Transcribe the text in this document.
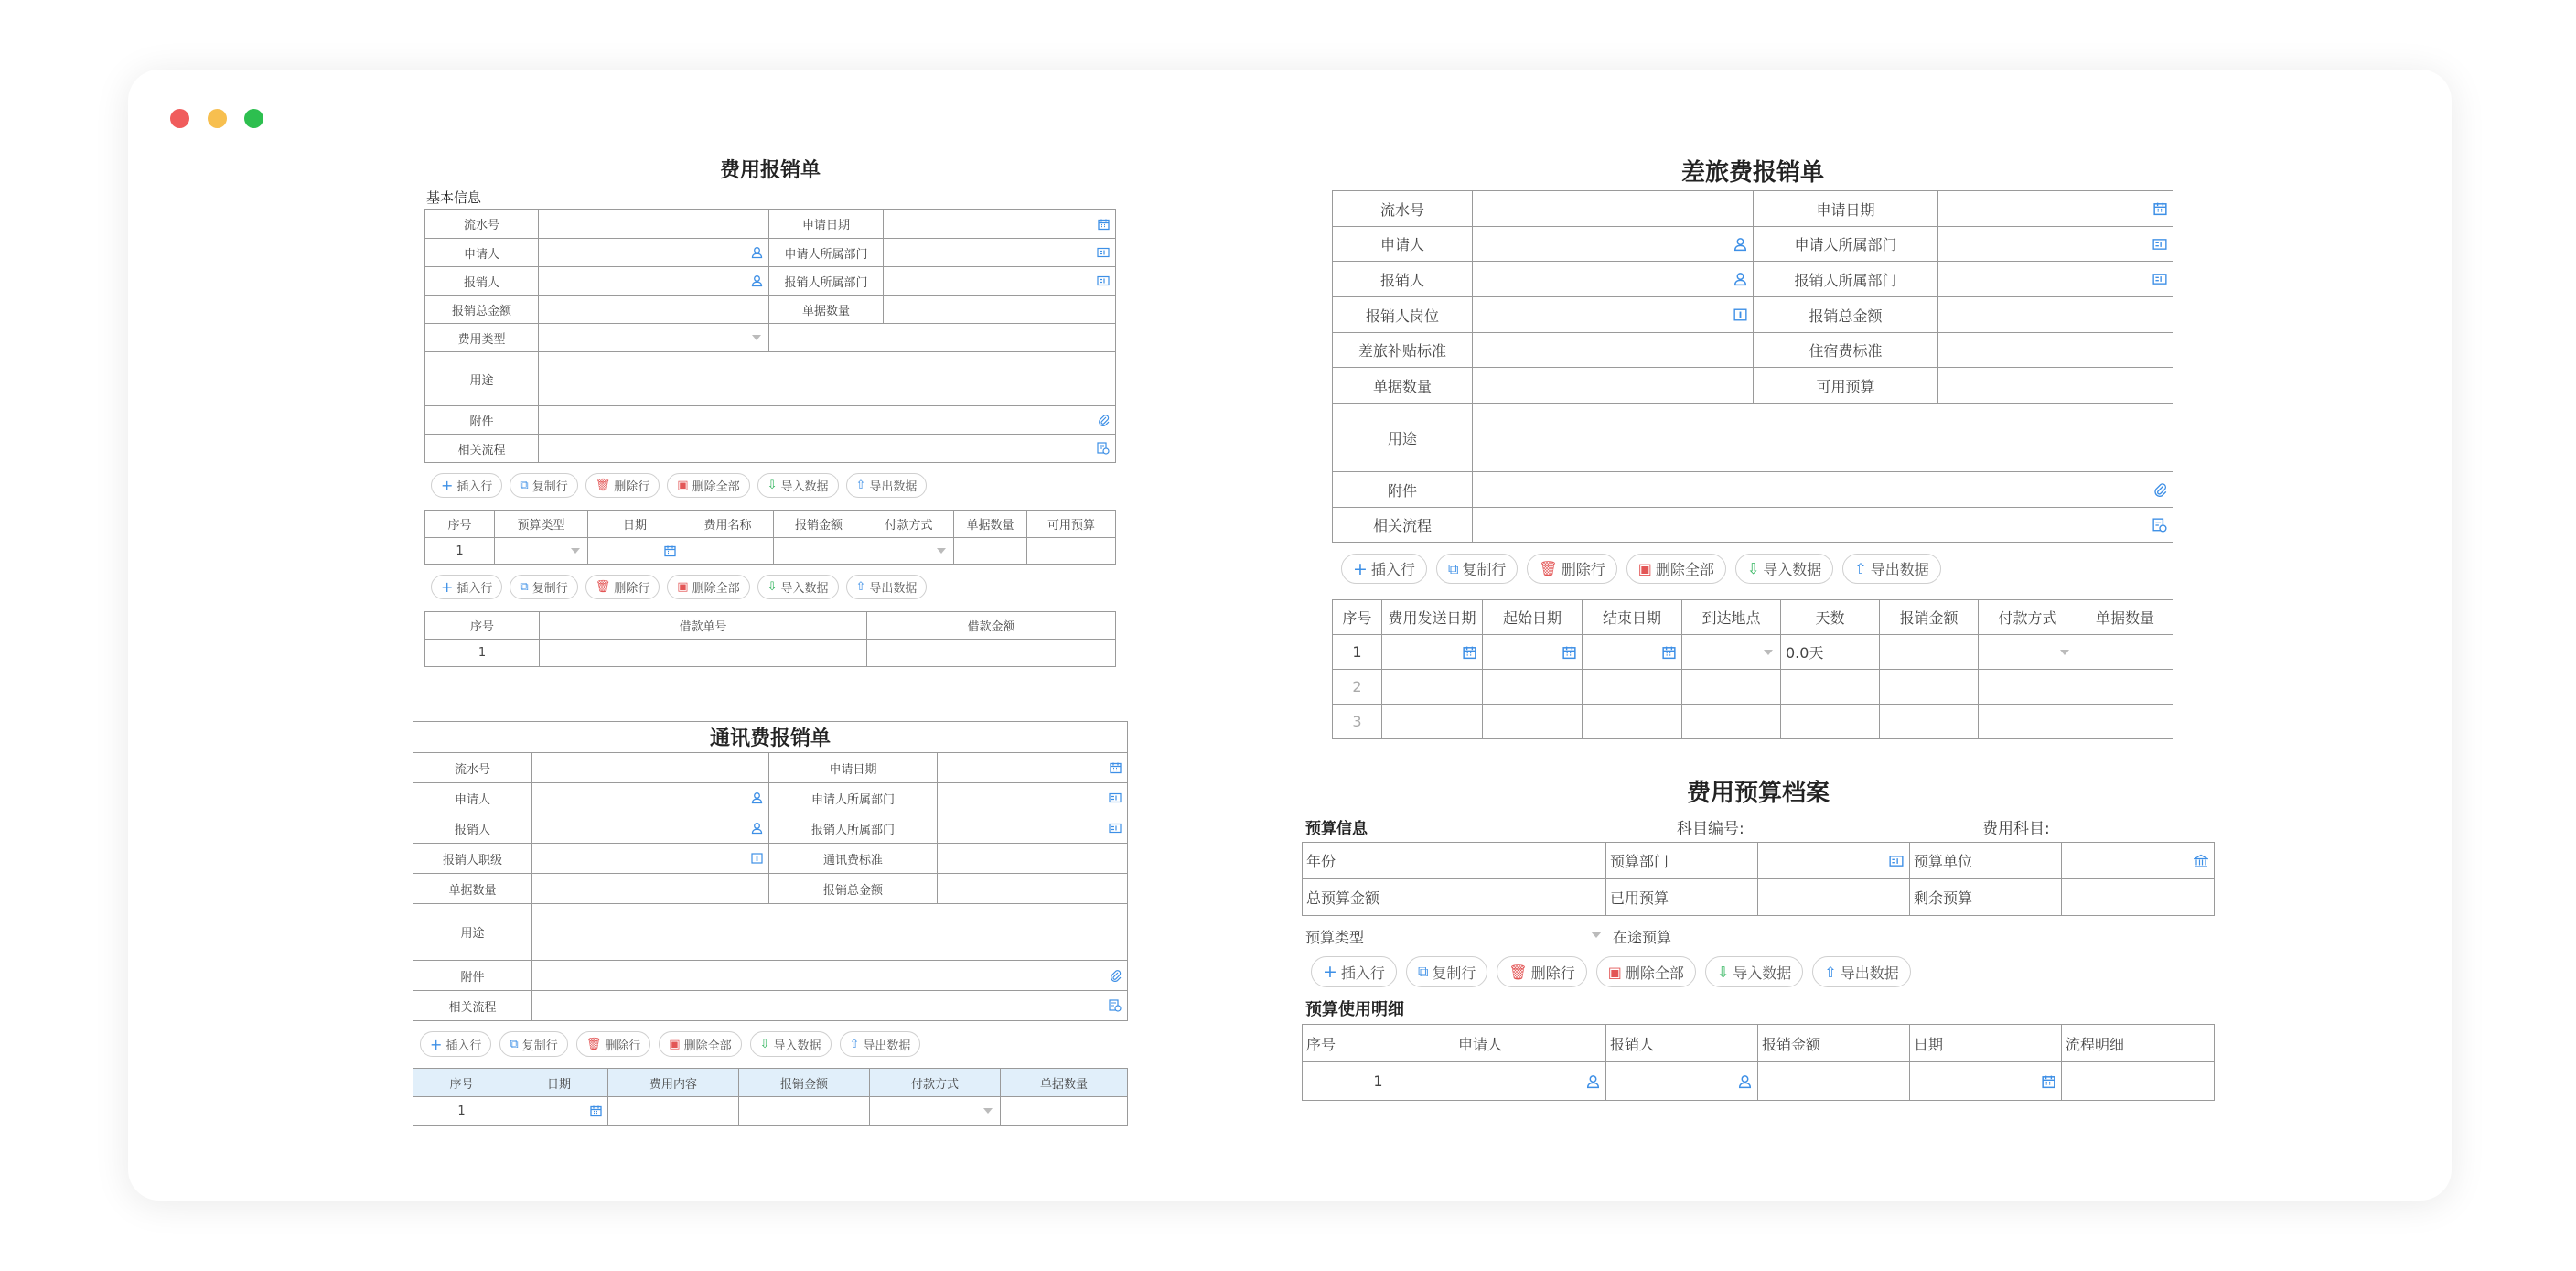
费用报销单
基本信息
流水号		申请日期	

申请人		申请人所属部门	

报销人		报销人所属部门	

报销总金额		单据数量	
费用类型		

用途			
附件	

相关流程	
+ 插入行 ⧉ 复制行 🗑︎ 删除行 ▣ 删除全部 ⇩ 导入数据 ⇧ 导出数据
序号	预算类型	日期	费用名称	报销金额	付款方式	单据数量	可用预算
1	

+ 插入行 ⧉ 复制行 🗑︎ 删除行 ▣ 删除全部 ⇩ 导入数据 ⇧ 导出数据
序号	借款单号	借款金额
1		
通讯费报销单			
流水号		申请日期	

申请人		申请人所属部门	

报销人		报销人所属部门	

报销人职级		通讯费标准	
单据数量		报销总金额	
用途			
附件	

相关流程	
+ 插入行 ⧉ 复制行 🗑︎ 删除行 ▣ 删除全部 ⇩ 导入数据 ⇧ 导出数据
序号	日期	费用内容	报销金额	付款方式	单据数量
1	

差旅费报销单
流水号		申请日期	

申请人		申请人所属部门	

报销人		报销人所属部门	

报销人岗位		报销总金额	
差旅补贴标准		住宿费标准	
单据数量		可用预算	
用途			
附件	

相关流程	
+ 插入行 ⧉ 复制行 🗑︎ 删除行 ▣ 删除全部 ⇩ 导入数据 ⇧ 导出数据
序号	费用发送日期	起始日期	结束日期	到达地点	天数	报销金额	付款方式	单据数量
1					0.0天		

2								
3								
费用预算档案
预算信息	科目编号:	费用科目:
年份		预算部门		预算单位	

总预算金额		已用预算		剩余预算	
预算类型	在途预算
+ 插入行 ⧉ 复制行 🗑︎ 删除行 ▣ 删除全部 ⇩ 导入数据 ⇧ 导出数据
预算使用明细
序号	申请人	报销人	报销金额	日期	流程明细
1	
